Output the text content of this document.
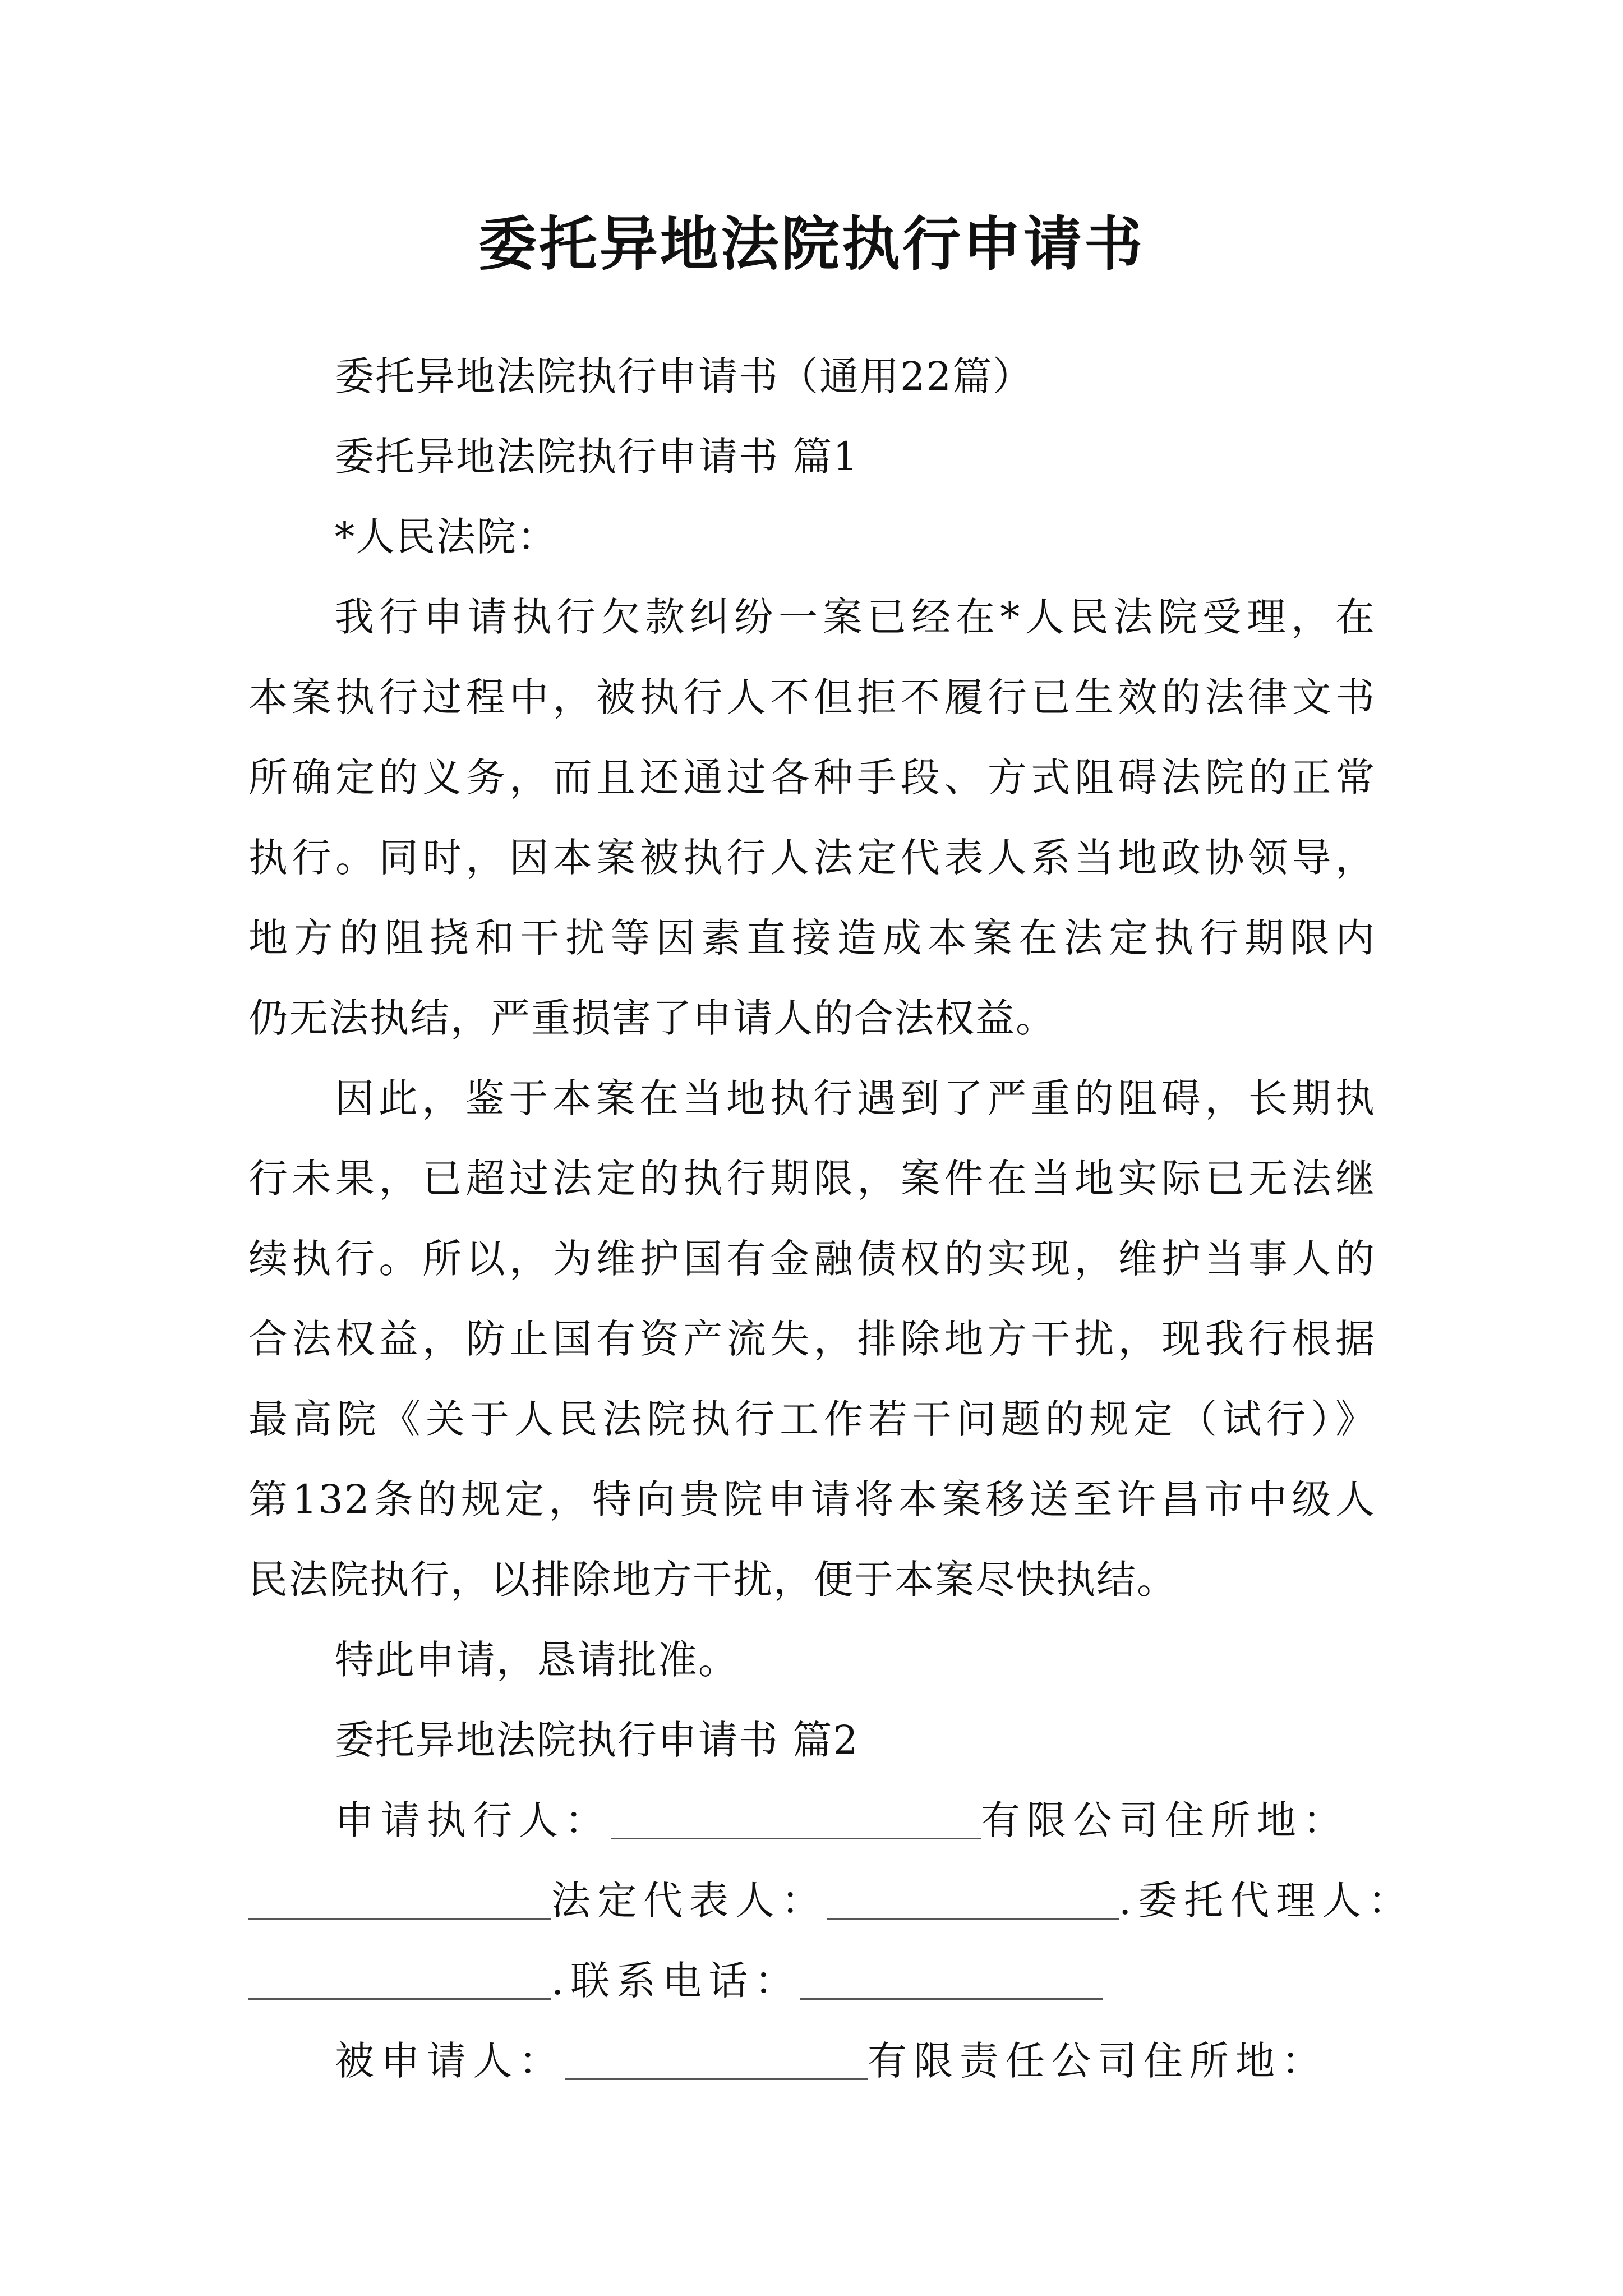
委托异地法院执行申请书
委托异地法院执行申请书（通用22篇）
委托异地法院执行申请书 篇1
*人民法院：
我行申请执行欠款纠纷一案已经在*人民法院受理，在
本案执行过程中，被执行人不但拒不履行已生效的法律文书
所确定的义务，而且还通过各种手段、方式阻碍法院的正常
执行。同时，因本案被执行人法定代表人系当地政协领导，
地方的阻挠和干扰等因素直接造成本案在法定执行期限内
仍无法执结，严重损害了申请人的合法权益。
因此，鉴于本案在当地执行遇到了严重的阻碍，长期执
行未果，已超过法定的执行期限，案件在当地实际已无法继
续执行。所以，为维护国有金融债权的实现，维护当事人的
合法权益，防止国有资产流失，排除地方干扰，现我行根据
最高院《关于人民法院执行工作若干问题的规定（试行）》
第132条的规定，特向贵院申请将本案移送至许昌市中级人
民法院执行，以排除地方干扰，便于本案尽快执结。
特此申请，恳请批准。
委托异地法院执行申请书 篇2
申请执行人：	有限公司住所地：
法定代表人：	.委托代理人：
.联系电话：
被申请人：	有限责任公司住所地：
